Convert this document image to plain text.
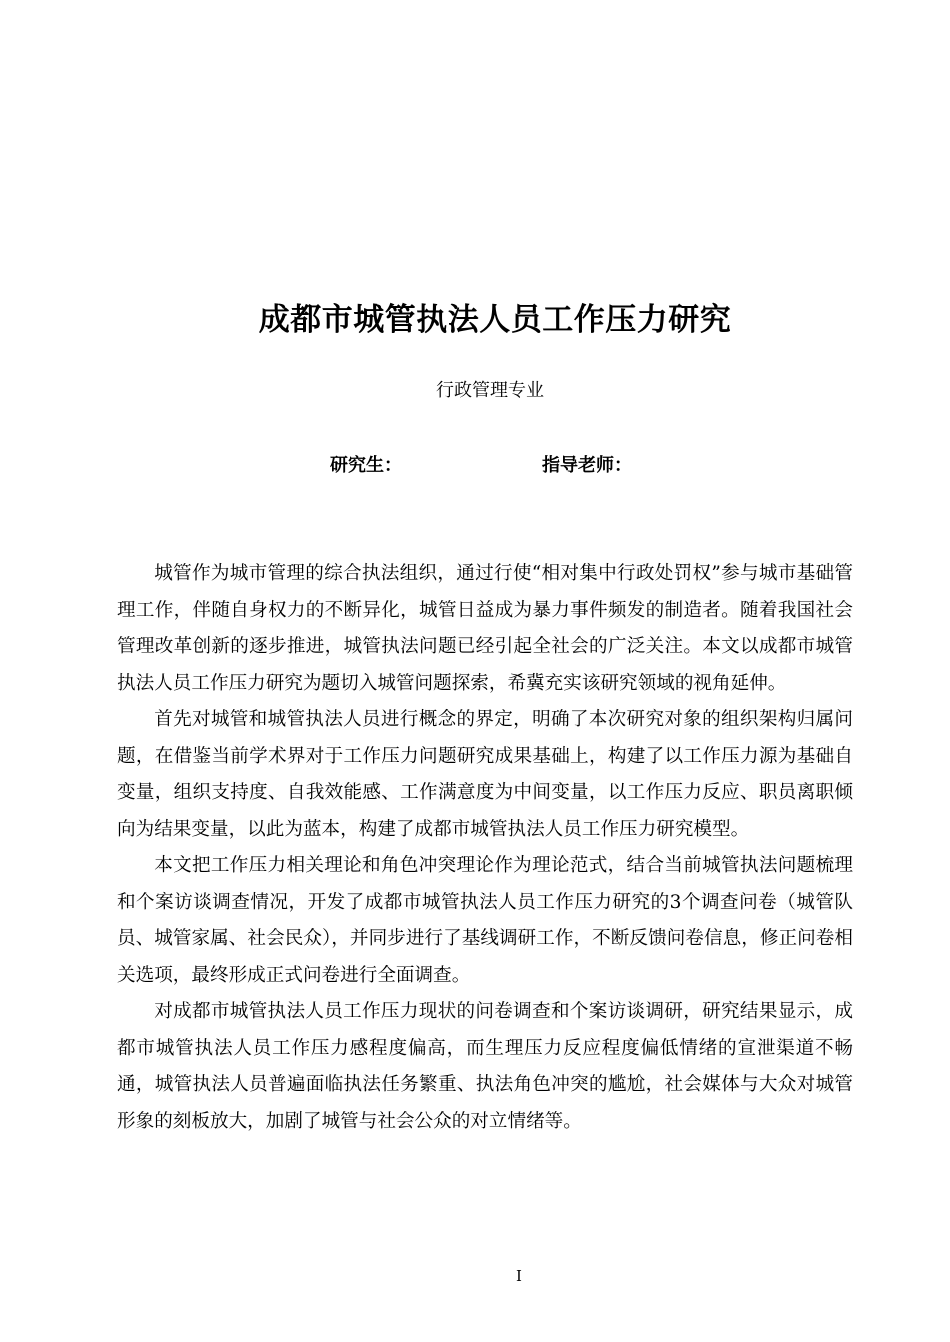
成都市城管执法人员工作压力研究
行政管理专业
研究生：	指导老师：

城管作为城市管理的综合执法组织，通过行使“相对集中行政处罚权”参与城市基础管理工作，伴随自身权力的不断异化，城管日益成为暴力事件频发的制造者。随着我国社会管理改革创新的逐步推进，城管执法问题已经引起全社会的广泛关注。本文以成都市城管执法人员工作压力研究为题切入城管问题探索，希冀充实该研究领域的视角延伸。

首先对城管和城管执法人员进行概念的界定，明确了本次研究对象的组织架构归属问题，在借鉴当前学术界对于工作压力问题研究成果基础上，构建了以工作压力源为基础自变量，组织支持度、自我效能感、工作满意度为中间变量，以工作压力反应、职员离职倾向为结果变量，以此为蓝本，构建了成都市城管执法人员工作压力研究模型。

本文把工作压力相关理论和角色冲突理论作为理论范式，结合当前城管执法问题梳理和个案访谈调查情况，开发了成都市城管执法人员工作压力研究的3个调查问卷（城管队员、城管家属、社会民众），并同步进行了基线调研工作，不断反馈问卷信息，修正问卷相关选项，最终形成正式问卷进行全面调查。

对成都市城管执法人员工作压力现状的问卷调查和个案访谈调研，研究结果显示，成都市城管执法人员工作压力感程度偏高，而生理压力反应程度偏低情绪的宣泄渠道不畅通，城管执法人员普遍面临执法任务繁重、执法角色冲突的尴尬，社会媒体与大众对城管形象的刻板放大，加剧了城管与社会公众的对立情绪等。

I
